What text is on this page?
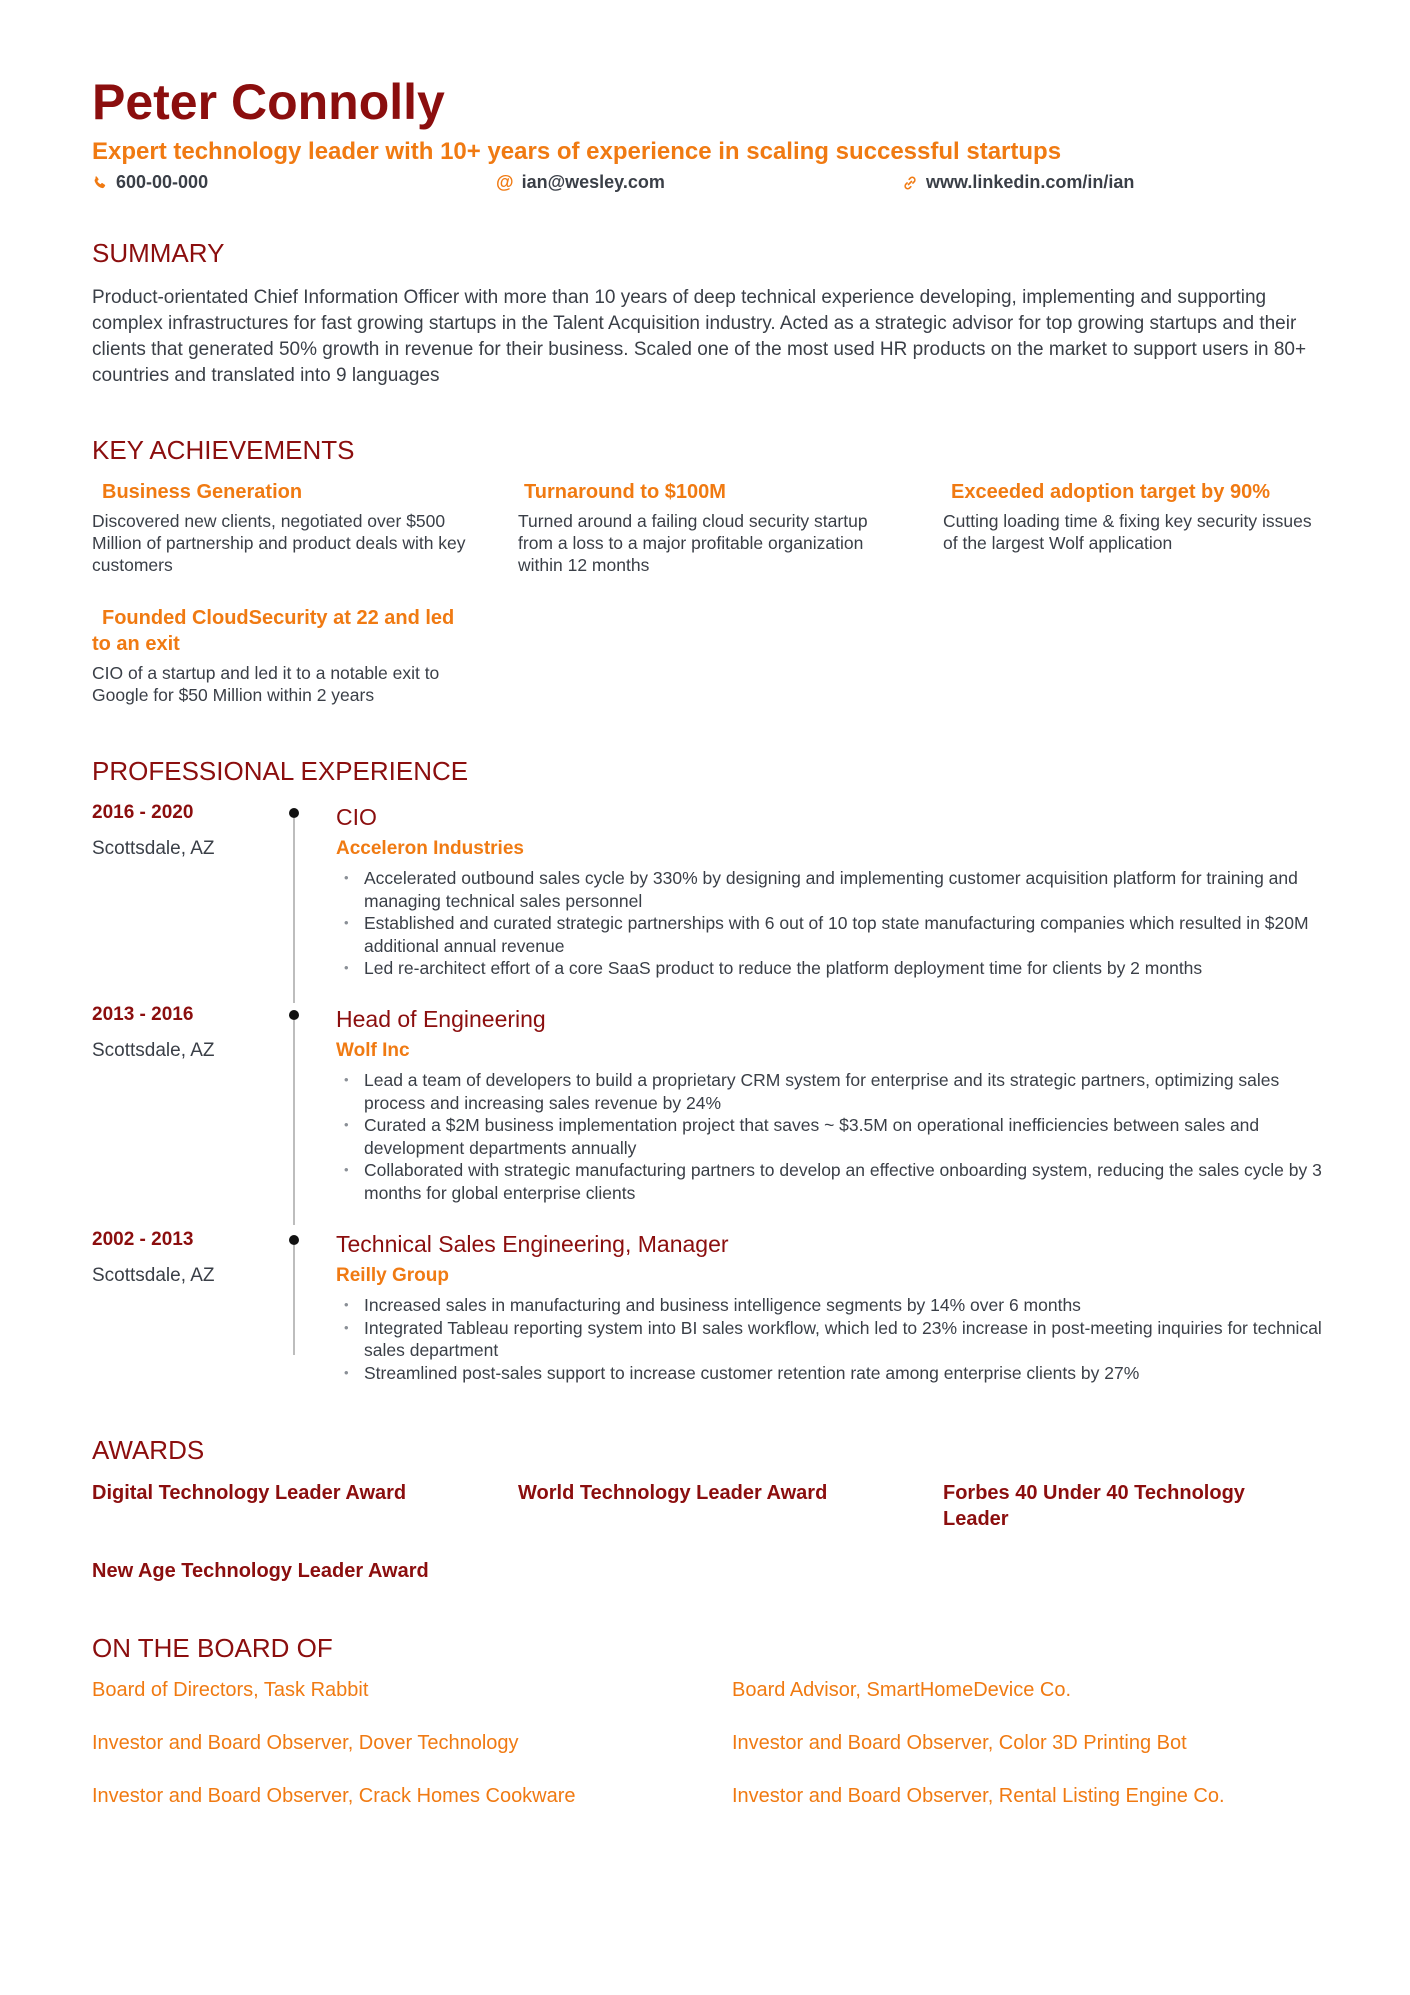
Peter Connolly
Expert technology leader with 10+ years of experience in scaling successful startups
600-00-000	@ ian@wesley.com	www.linkedin.com/in/ian
SUMMARY

Product-orientated Chief Information Officer with more than 10 years of deep technical experience developing, implementing and supporting complex infrastructures for fast growing startups in the Talent Acquisition industry. Acted as a strategic advisor for top growing startups and their clients that generated 50% growth in revenue for their business. Scaled one of the most used HR products on the market to support users in 80+ countries and translated into 9 languages

KEY ACHIEVEMENTS
Business Generation
Discovered new clients, negotiated over $500 Million of partnership and product deals with key customers
Turnaround to $100M
Turned around a failing cloud security startup from a loss to a major profitable organization within 12 months
Exceeded adoption target by 90%
Cutting loading time & fixing key security issues of the largest Wolf application
Founded CloudSecurity at 22 and led to an exit
CIO of a startup and led it to a notable exit to Google for $50 Million within 2 years
PROFESSIONAL EXPERIENCE
2016 - 2020
Scottsdale, AZ
CIO
Acceleron Industries
• Accelerated outbound sales cycle by 330% by designing and implementing customer acquisition platform for training and managing technical sales personnel
• Established and curated strategic partnerships with 6 out of 10 top state manufacturing companies which resulted in $20M additional annual revenue
• Led re-architect effort of a core SaaS product to reduce the platform deployment time for clients by 2 months
2013 - 2016
Scottsdale, AZ
Head of Engineering
Wolf Inc
• Lead a team of developers to build a proprietary CRM system for enterprise and its strategic partners, optimizing sales process and increasing sales revenue by 24%
• Curated a $2M business implementation project that saves ~ $3.5M on operational inefficiencies between sales and development departments annually
• Collaborated with strategic manufacturing partners to develop an effective onboarding system, reducing the sales cycle by 3 months for global enterprise clients
2002 - 2013
Scottsdale, AZ
Technical Sales Engineering, Manager
Reilly Group
• Increased sales in manufacturing and business intelligence segments by 14% over 6 months
• Integrated Tableau reporting system into BI sales workflow, which led to 23% increase in post-meeting inquiries for technical sales department
• Streamlined post-sales support to increase customer retention rate among enterprise clients by 27%
AWARDS
Digital Technology Leader Award	World Technology Leader Award	Forbes 40 Under 40 Technology Leader
New Age Technology Leader Award
ON THE BOARD OF
Board of Directors, Task Rabbit	Board Advisor, SmartHomeDevice Co.
Investor and Board Observer, Dover Technology	Investor and Board Observer, Color 3D Printing Bot
Investor and Board Observer, Crack Homes Cookware	Investor and Board Observer, Rental Listing Engine Co.
